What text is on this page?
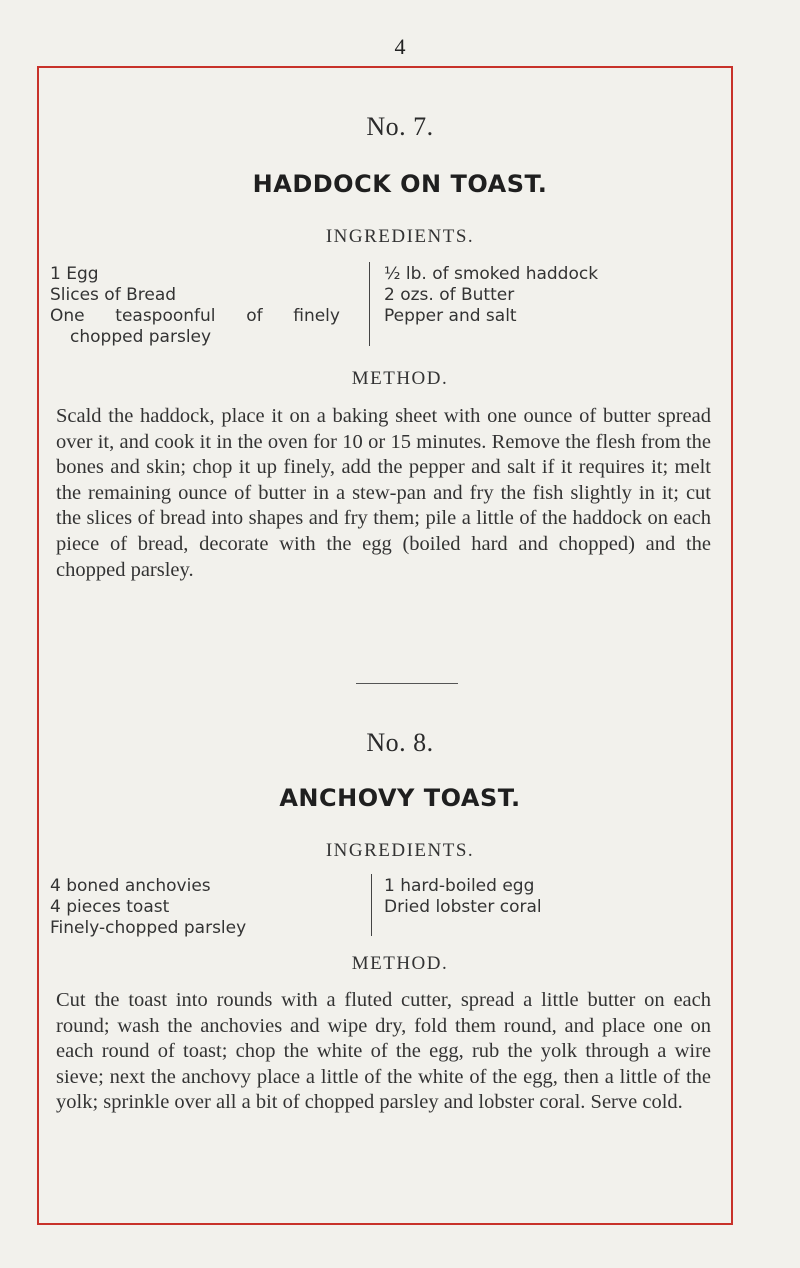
4
No. 7.
HADDOCK ON TOAST.
INGREDIENTS.
1 Egg
Slices of Bread
One teaspoonful of finely
chopped parsley
½ lb. of smoked haddock
2 ozs. of Butter
Pepper and salt
METHOD.
Scald the haddock, place it on a baking sheet with one ounce of butter spread over it, and cook it in the oven for 10 or 15 minutes. Remove the flesh from the bones and skin; chop it up finely, add the pepper and salt if it requires it; melt the remaining ounce of butter in a stew-pan and fry the fish slightly in it; cut the slices of bread into shapes and fry them; pile a little of the haddock on each piece of bread, decorate with the egg (boiled hard and chopped) and the chopped parsley.
No. 8.
ANCHOVY TOAST.
INGREDIENTS.
4 boned anchovies
4 pieces toast
Finely-chopped parsley
1 hard-boiled egg
Dried lobster coral
METHOD.
Cut the toast into rounds with a fluted cutter, spread a little butter on each round; wash the anchovies and wipe dry, fold them round, and place one on each round of toast; chop the white of the egg, rub the yolk through a wire sieve; next the anchovy place a little of the white of the egg, then a little of the yolk; sprinkle over all a bit of chopped parsley and lobster coral. Serve cold.
